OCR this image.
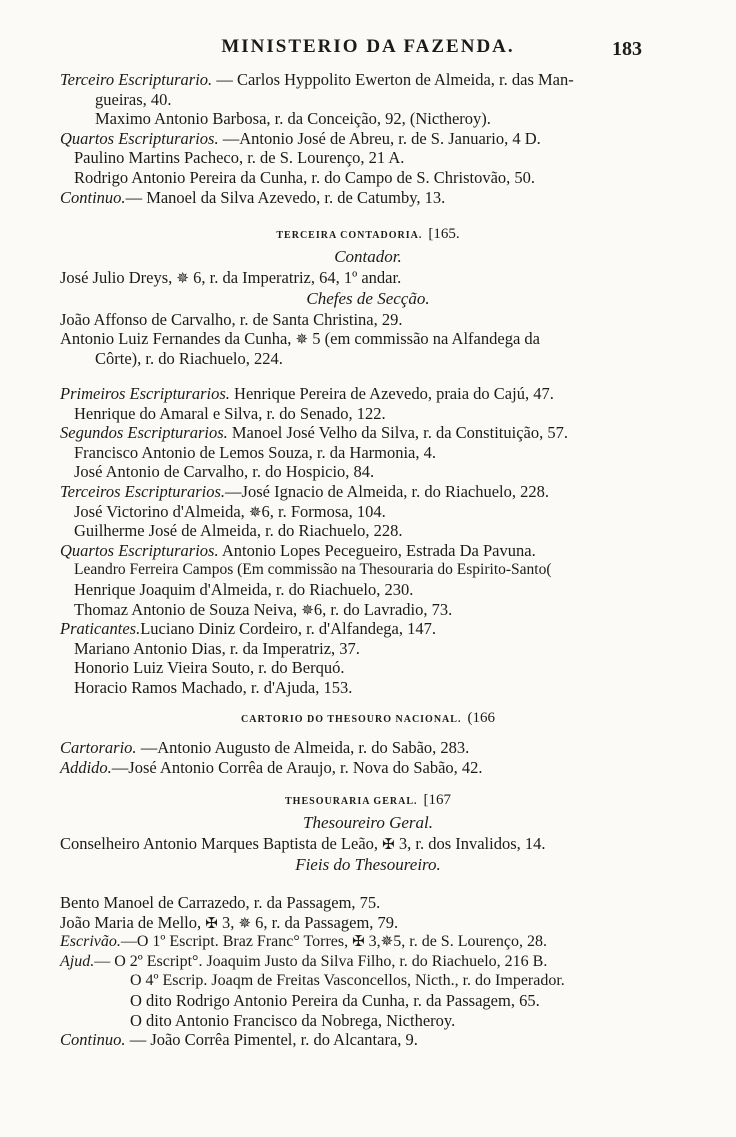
MINISTERIO DA FAZENDA.	183
Terceiro Escripturario. — Carlos Hyppolito Ewerton de Almeida, r. das Man-
gueiras, 40.
Maximo Antonio Barbosa, r. da Conceição, 92, (Nictheroy).
Quartos Escripturarios. —Antonio José de Abreu, r. de S. Januario, 4 D.
Paulino Martins Pacheco, r. de S. Lourenço, 21 A.
Rodrigo Antonio Pereira da Cunha, r. do Campo de S. Christovão, 50.
Continuo.— Manoel da Silva Azevedo, r. de Catumby, 13.
TERCEIRA CONTADORIA. [165.
Contador.
José Julio Dreys, ✵ 6, r. da Imperatriz, 64, 1º andar.
Chefes de Secção.
João Affonso de Carvalho, r. de Santa Christina, 29.
Antonio Luiz Fernandes da Cunha, ✵ 5 (em commissão na Alfandega da
Côrte), r. do Riachuelo, 224.
Primeiros Escripturarios. Henrique Pereira de Azevedo, praia do Cajú, 47.
Henrique do Amaral e Silva, r. do Senado, 122.
Segundos Escripturarios. Manoel José Velho da Silva, r. da Constituição, 57.
Francisco Antonio de Lemos Souza, r. da Harmonia, 4.
José Antonio de Carvalho, r. do Hospicio, 84.
Terceiros Escripturarios.—José Ignacio de Almeida, r. do Riachuelo, 228.
José Victorino d'Almeida, ✵6, r. Formosa, 104.
Guilherme José de Almeida, r. do Riachuelo, 228.
Quartos Escripturarios. Antonio Lopes Pecegueiro, Estrada Da Pavuna.
Leandro Ferreira Campos (Em commissão na Thesouraria do Espirito-Santo(
Henrique Joaquim d'Almeida, r. do Riachuelo, 230.
Thomaz Antonio de Souza Neiva, ✵6, r. do Lavradio, 73.
Praticantes.Luciano Diniz Cordeiro, r. d'Alfandega, 147.
Mariano Antonio Dias, r. da Imperatriz, 37.
Honorio Luiz Vieira Souto, r. do Berquó.
Horacio Ramos Machado, r. d'Ajuda, 153.
CARTORIO DO THESOURO NACIONAL. (166
Cartorario. —Antonio Augusto de Almeida, r. do Sabão, 283.
Addido.—José Antonio Corrêa de Araujo, r. Nova do Sabão, 42.
THESOURARIA GERAL. [167
Thesoureiro Geral.
Conselheiro Antonio Marques Baptista de Leão, ✠ 3, r. dos Invalidos, 14.
Fieis do Thesoureiro.
Bento Manoel de Carrazedo, r. da Passagem, 75.
João Maria de Mello, ✠ 3, ✵ 6, r. da Passagem, 79.
Escrivão.—O 1º Escript. Braz Franc° Torres, ✠ 3,✵5, r. de S. Lourenço, 28.
Ajud.— O 2º Escript°. Joaquim Justo da Silva Filho, r. do Riachuelo, 216 B.
O 4º Escrip. Joaqm de Freitas Vasconcellos, Nicth., r. do Imperador.
O dito Rodrigo Antonio Pereira da Cunha, r. da Passagem, 65.
O dito Antonio Francisco da Nobrega, Nictheroy.
Continuo. — João Corrêa Pimentel, r. do Alcantara, 9.
